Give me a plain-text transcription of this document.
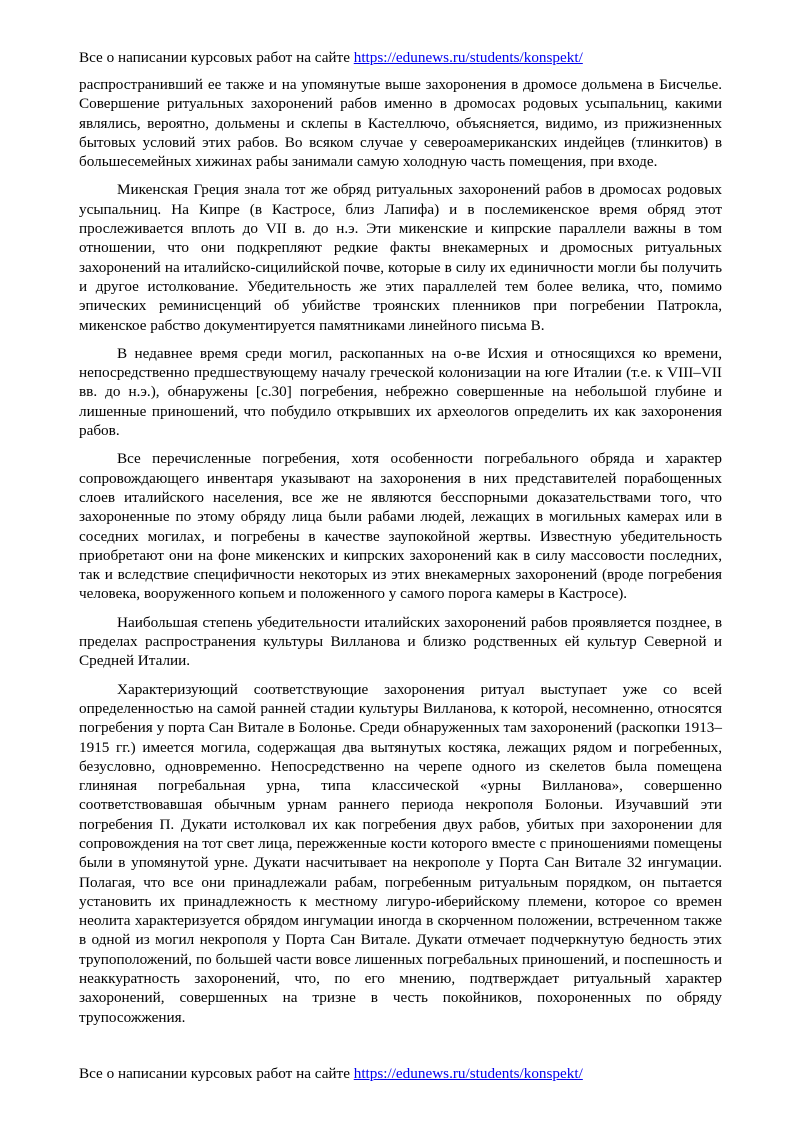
Все о написании курсовых работ на сайте https://edunews.ru/students/konspekt/

распространивший ее также и на упомянутые выше захоронения в дромосе дольмена в Бисчелье. Совершение ритуальных захоронений рабов именно в дромосах родовых усыпальниц, какими являлись, вероятно, дольмены и склепы в Кастеллючо, объясняется, видимо, из прижизненных бытовых условий этих рабов. Во всяком случае у североамериканских индейцев (тлинкитов) в большесемейных хижинах рабы занимали самую холодную часть помещения, при входе.

Микенская Греция знала тот же обряд ритуальных захоронений рабов в дромосах родовых усыпальниц. На Кипре (в Кастросе, близ Лапифа) и в послемикенское время обряд этот прослеживается вплоть до VII в. до н.э. Эти микенские и кипрские параллели важны в том отношении, что они подкрепляют редкие факты внекамерных и дромосных ритуальных захоронений на италийско-сицилийской почве, которые в силу их единичности могли бы получить и другое истолкование. Убедительность же этих параллелей тем более велика, что, помимо эпических реминисценций об убийстве троянских пленников при погребении Патрокла, микенское рабство документируется памятниками линейного письма B.

В недавнее время среди могил, раскопанных на о-ве Исхия и относящихся ко времени, непосредственно предшествующему началу греческой колонизации на юге Италии (т.е. к VIII–VII вв. до н.э.), обнаружены [с.30] погребения, небрежно совершенные на небольшой глубине и лишенные приношений, что побудило открывших их археологов определить их как захоронения рабов.

Все перечисленные погребения, хотя особенности погребального обряда и характер сопровождающего инвентаря указывают на захоронения в них представителей порабощенных слоев италийского населения, все же не являются бесспорными доказательствами того, что захороненные по этому обряду лица были рабами людей, лежащих в могильных камерах или в соседних могилах, и погребены в качестве заупокойной жертвы. Известную убедительность приобретают они на фоне микенских и кипрских захоронений как в силу массовости последних, так и вследствие специфичности некоторых из этих внекамерных захоронений (вроде погребения человека, вооруженного копьем и положенного у самого порога камеры в Кастросе).

Наибольшая степень убедительности италийских захоронений рабов проявляется позднее, в пределах распространения культуры Вилланова и близко родственных ей культур Северной и Средней Италии.

Характеризующий соответствующие захоронения ритуал выступает уже со всей определенностью на самой ранней стадии культуры Вилланова, к которой, несомненно, относятся погребения у порта Сан Витале в Болонье. Среди обнаруженных там захоронений (раскопки 1913–1915 гг.) имеется могила, содержащая два вытянутых костяка, лежащих рядом и погребенных, безусловно, одновременно. Непосредственно на черепе одного из скелетов была помещена глиняная погребальная урна, типа классической «урны Вилланова», совершенно соответствовавшая обычным урнам раннего периода некрополя Болоньи. Изучавший эти погребения П. Дукати истолковал их как погребения двух рабов, убитых при захоронении для сопровождения на тот свет лица, пережженные кости которого вместе с приношениями помещены были в упомянутой урне. Дукати насчитывает на некрополе у Порта Сан Витале 32 ингумации. Полагая, что все они принадлежали рабам, погребенным ритуальным порядком, он пытается установить их принадлежность к местному лигуро-иберийскому племени, которое со времен неолита характеризуется обрядом ингумации иногда в скорченном положении, встреченном также в одной из могил некрополя у Порта Сан Витале. Дукати отмечает подчеркнутую бедность этих трупоположений, по большей части вовсе лишенных погребальных приношений, и поспешность и неаккуратность захоронений, что, по его мнению, подтверждает ритуальный характер захоронений, совершенных на тризне в честь покойников, похороненных по обряду трупосожжения.

Все о написании курсовых работ на сайте https://edunews.ru/students/konspekt/
